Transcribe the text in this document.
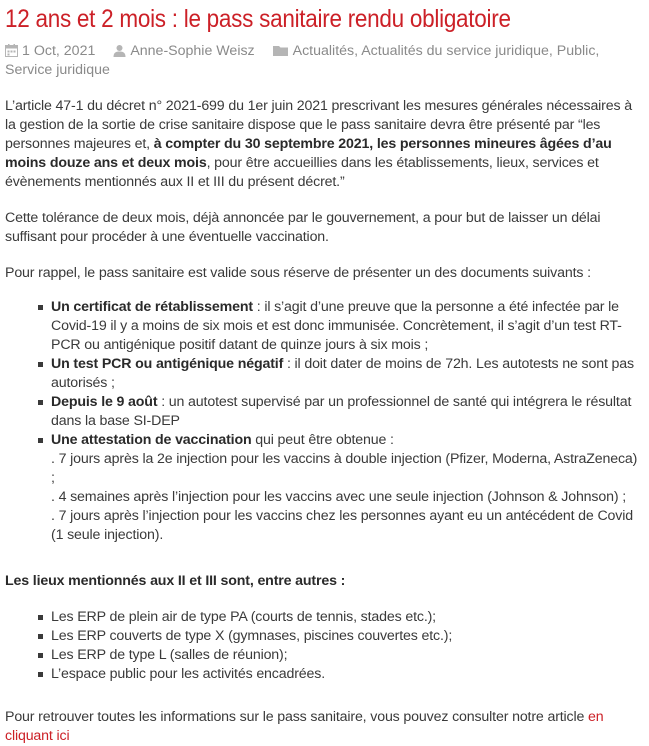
12 ans et 2 mois : le pass sanitaire rendu obligatoire
1 Oct, 2021 Anne-Sophie Weisz	Actualités, Actualités du service juridique, Public, Service juridique

L’article 47-1 du décret n° 2021-699 du 1er juin 2021 prescrivant les mesures générales nécessaires à la gestion de la sortie de crise sanitaire dispose que le pass sanitaire devra être présenté par “les personnes majeures et, à compter du 30 septembre 2021, les personnes mineures âgées d’au moins douze ans et deux mois, pour être accueillies dans les établissements, lieux, services et évènements mentionnés aux II et III du présent décret.”

Cette tolérance de deux mois, déjà annoncée par le gouvernement, a pour but de laisser un délai suffisant pour procéder à une éventuelle vaccination.

Pour rappel, le pass sanitaire est valide sous réserve de présenter un des documents suivants :

Un certificat de rétablissement : il s’agit d’une preuve que la personne a été infectée par le Covid-19 il y a moins de six mois et est donc immunisée. Concrètement, il s’agit d’un test RT-PCR ou antigénique positif datant de quinze jours à six mois ;
Un test PCR ou antigénique négatif : il doit dater de moins de 72h. Les autotests ne sont pas autorisés ;
Depuis le 9 août : un autotest supervisé par un professionnel de santé qui intégrera le résultat dans la base SI-DEP
Une attestation de vaccination qui peut être obtenue :
. 7 jours après la 2e injection pour les vaccins à double injection (Pfizer, Moderna, AstraZeneca) ;
. 4 semaines après l’injection pour les vaccins avec une seule injection (Johnson & Johnson) ;
. 7 jours après l’injection pour les vaccins chez les personnes ayant eu un antécédent de Covid (1 seule injection).

Les lieux mentionnés aux II et III sont, entre autres :

Les ERP de plein air de type PA (courts de tennis, stades etc.);
Les ERP couverts de type X (gymnases, piscines couvertes etc.);
Les ERP de type L (salles de réunion);
L’espace public pour les activités encadrées.

Pour retrouver toutes les informations sur le pass sanitaire, vous pouvez consulter notre article en cliquant ici
